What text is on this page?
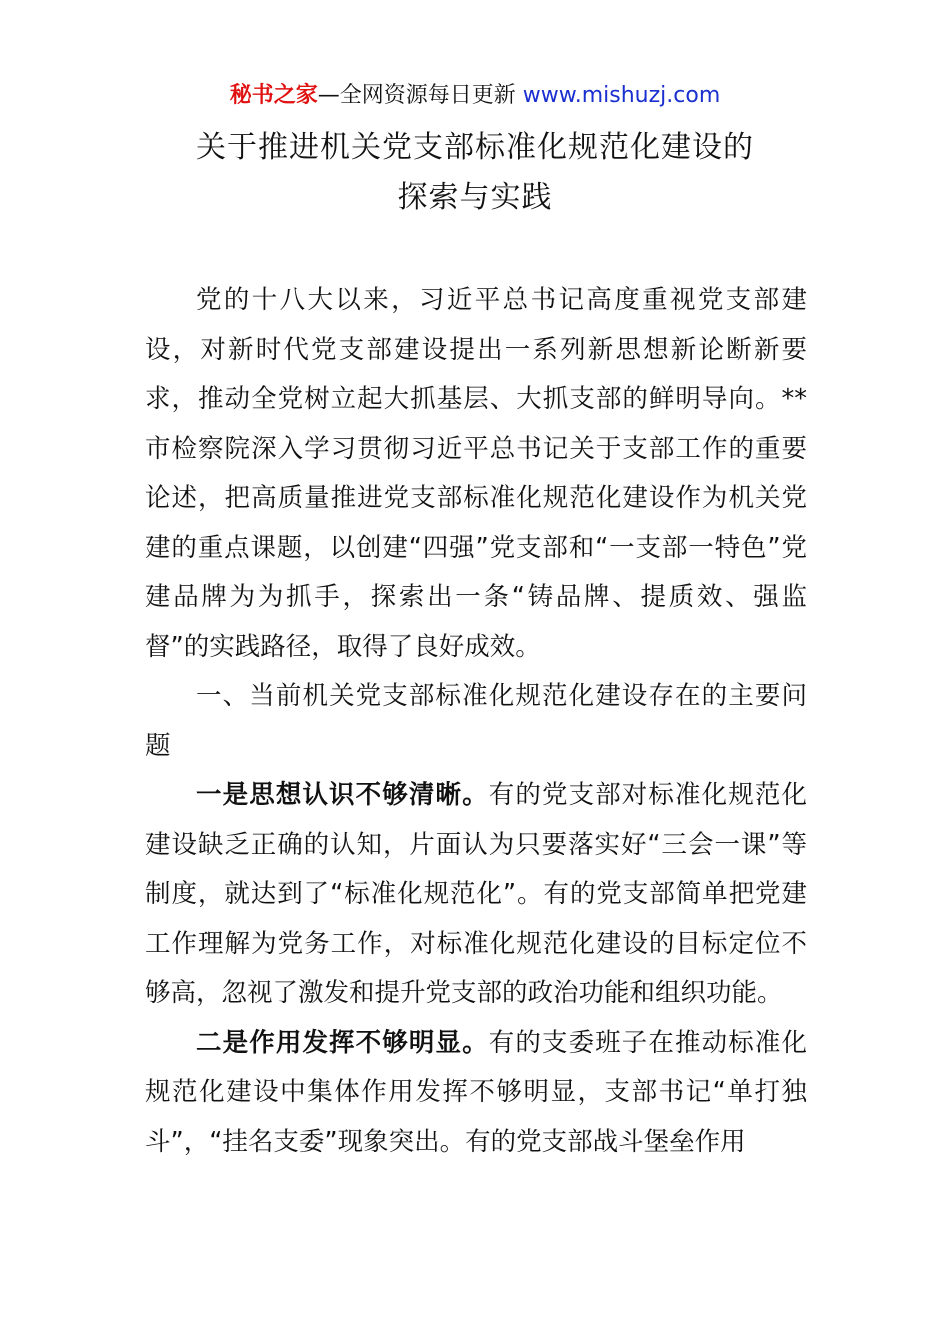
秘书之家—全网资源每日更新 www.mishuzj.com
关于推进机关党支部标准化规范化建设的
探索与实践

党的十八大以来，习近平总书记高度重视党支部建设，对新时代党支部建设提出一系列新思想新论断新要求，推动全党树立起大抓基层、大抓支部的鲜明导向。**市检察院深入学习贯彻习近平总书记关于支部工作的重要论述，把高质量推进党支部标准化规范化建设作为机关党建的重点课题，以创建“四强”党支部和“一支部一特色”党建品牌为为抓手，探索出一条“铸品牌、提质效、强监督”的实践路径，取得了良好成效。

一、当前机关党支部标准化规范化建设存在的主要问题

一是思想认识不够清晰。有的党支部对标准化规范化建设缺乏正确的认知，片面认为只要落实好“三会一课”等制度，就达到了“标准化规范化”。有的党支部简单把党建工作理解为党务工作，对标准化规范化建设的目标定位不够高，忽视了激发和提升党支部的政治功能和组织功能。

二是作用发挥不够明显。有的支委班子在推动标准化规范化建设中集体作用发挥不够明显，支部书记“单打独斗”，“挂名支委”现象突出。有的党支部战斗堡垒作用
